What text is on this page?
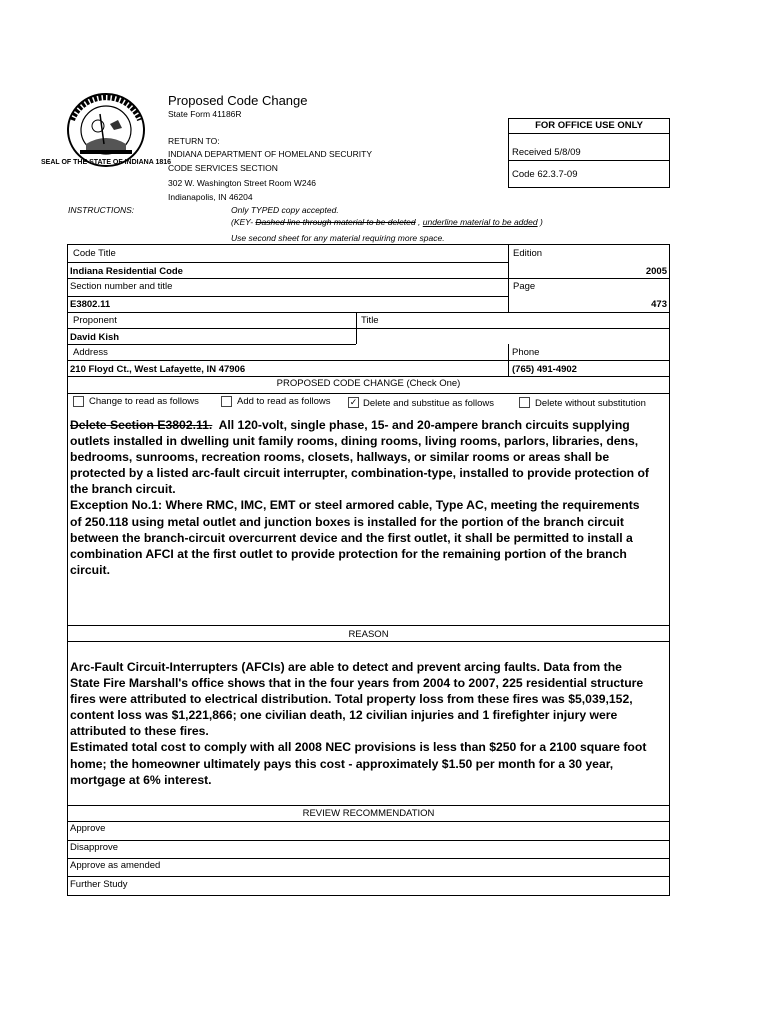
SEAL OF THE STATE OF INDIANA 1816
Proposed Code Change
State Form 41186R
RETURN TO:
INDIANA DEPARTMENT OF HOMELAND SECURITY
CODE SERVICES SECTION
302 W. Washington Street Room W246
Indianapolis, IN 46204
FOR OFFICE USE ONLY
Received 5/8/09
Code 62.3.7-09
INSTRUCTIONS:	Only TYPED copy accepted.
(KEY- Dashed line through material to be deleted , underline material to be added )
Use second sheet for any material requiring more space.
Code Title
Indiana Residential Code
Edition
2005
Section number and title
E3802.11
Page
473
Proponent
David Kish
Title
Address
210 Floyd Ct., West Lafayette, IN 47906
Phone
(765) 491-4902
PROPOSED CODE CHANGE (Check One)
Change to read as follows	Add to read as follows ✓ Delete and substitue as follows	Delete without substitution
Delete Section E3802.11.  All 120-volt, single phase, 15- and 20-ampere branch circuits supplying
outlets installed in dwelling unit family rooms, dining rooms, living rooms, parlors, libraries, dens,
bedrooms, sunrooms, recreation rooms, closets, hallways, or similar rooms or areas shall be
protected by a listed arc-fault circuit interrupter, combination-type, installed to provide protection of
the branch circuit.
Exception No.1: Where RMC, IMC, EMT or steel armored cable, Type AC, meeting the requirements
of 250.118 using metal outlet and junction boxes is installed for the portion of the branch circuit
between the branch-circuit overcurrent device and the first outlet, it shall be permitted to install a
combination AFCI at the first outlet to provide protection for the remaining portion of the branch
circuit.
REASON
Arc-Fault Circuit-Interrupters (AFCIs) are able to detect and prevent arcing faults. Data from the
State Fire Marshall's office shows that in the four years from 2004 to 2007, 225 residential structure
fires were attributed to electrical distribution. Total property loss from these fires was $5,039,152,
content loss was $1,221,866; one civilian death, 12 civilian injuries and 1 firefighter injury were
attributed to these fires.
Estimated total cost to comply with all 2008 NEC provisions is less than $250 for a 2100 square foot
home; the homeowner ultimately pays this cost - approximately $1.50 per month for a 30 year,
mortgage at 6% interest.
REVIEW RECOMMENDATION
Approve
Disapprove
Approve as amended
Further Study
